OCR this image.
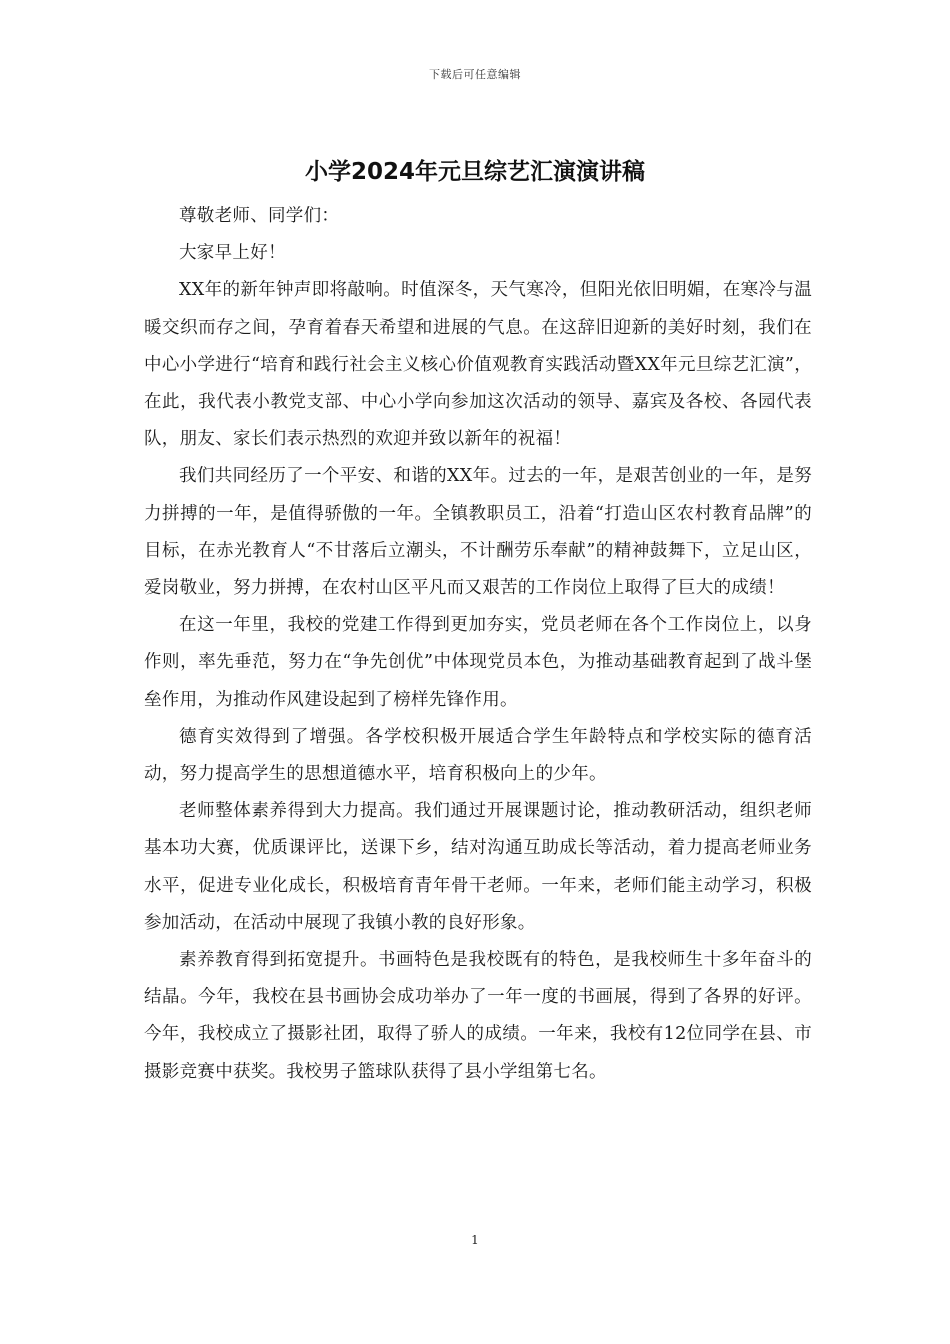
下载后可任意编辑
小学2024年元旦综艺汇演演讲稿

尊敬老师、同学们：

大家早上好！

XX年的新年钟声即将敲响。时值深冬，天气寒冷，但阳光依旧明媚，在寒冷与温暖交织而存之间，孕育着春天希望和进展的气息。在这辞旧迎新的美好时刻，我们在中心小学进行“培育和践行社会主义核心价值观教育实践活动暨XX年元旦综艺汇演”，在此，我代表小教党支部、中心小学向参加这次活动的领导、嘉宾及各校、各园代表队，朋友、家长们表示热烈的欢迎并致以新年的祝福！

我们共同经历了一个平安、和谐的XX年。过去的一年，是艰苦创业的一年，是努力拼搏的一年，是值得骄傲的一年。全镇教职员工，沿着“打造山区农村教育品牌”的目标，在赤光教育人“不甘落后立潮头，不计酬劳乐奉献”的精神鼓舞下，立足山区，爱岗敬业，努力拼搏，在农村山区平凡而又艰苦的工作岗位上取得了巨大的成绩！

在这一年里，我校的党建工作得到更加夯实，党员老师在各个工作岗位上，以身作则，率先垂范，努力在“争先创优”中体现党员本色，为推动基础教育起到了战斗堡垒作用，为推动作风建设起到了榜样先锋作用。

德育实效得到了增强。各学校积极开展适合学生年龄特点和学校实际的德育活动，努力提高学生的思想道德水平，培育积极向上的少年。

老师整体素养得到大力提高。我们通过开展课题讨论，推动教研活动，组织老师基本功大赛，优质课评比，送课下乡，结对沟通互助成长等活动，着力提高老师业务水平，促进专业化成长，积极培育青年骨干老师。一年来，老师们能主动学习，积极参加活动，在活动中展现了我镇小教的良好形象。

素养教育得到拓宽提升。书画特色是我校既有的特色，是我校师生十多年奋斗的结晶。今年，我校在县书画协会成功举办了一年一度的书画展，得到了各界的好评。今年，我校成立了摄影社团，取得了骄人的成绩。一年来，我校有12位同学在县、市摄影竞赛中获奖。我校男子篮球队获得了县小学组第七名。

1
